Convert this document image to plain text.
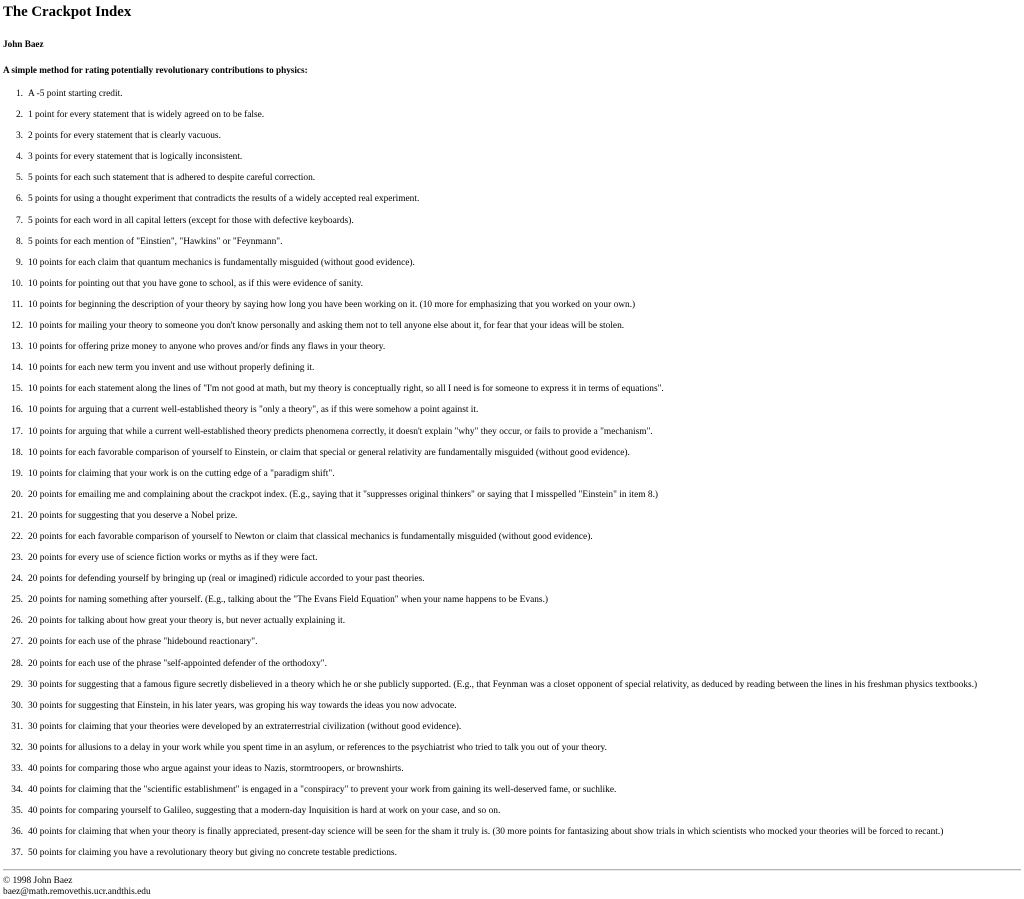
The Crackpot Index
John Baez
A simple method for rating potentially revolutionary contributions to physics:
1. A -5 point starting credit.
2. 1 point for every statement that is widely agreed on to be false.
3. 2 points for every statement that is clearly vacuous.
4. 3 points for every statement that is logically inconsistent.
5. 5 points for each such statement that is adhered to despite careful correction.
6. 5 points for using a thought experiment that contradicts the results of a widely accepted real experiment.
7. 5 points for each word in all capital letters (except for those with defective keyboards).
8. 5 points for each mention of "Einstien", "Hawkins" or "Feynmann".
9. 10 points for each claim that quantum mechanics is fundamentally misguided (without good evidence).
10. 10 points for pointing out that you have gone to school, as if this were evidence of sanity.
11. 10 points for beginning the description of your theory by saying how long you have been working on it. (10 more for emphasizing that you worked on your own.)
12. 10 points for mailing your theory to someone you don't know personally and asking them not to tell anyone else about it, for fear that your ideas will be stolen.
13. 10 points for offering prize money to anyone who proves and/or finds any flaws in your theory.
14. 10 points for each new term you invent and use without properly defining it.
15. 10 points for each statement along the lines of "I'm not good at math, but my theory is conceptually right, so all I need is for someone to express it in terms of equations".
16. 10 points for arguing that a current well-established theory is "only a theory", as if this were somehow a point against it.
17. 10 points for arguing that while a current well-established theory predicts phenomena correctly, it doesn't explain "why" they occur, or fails to provide a "mechanism".
18. 10 points for each favorable comparison of yourself to Einstein, or claim that special or general relativity are fundamentally misguided (without good evidence).
19. 10 points for claiming that your work is on the cutting edge of a "paradigm shift".
20. 20 points for emailing me and complaining about the crackpot index. (E.g., saying that it "suppresses original thinkers" or saying that I misspelled "Einstein" in item 8.)
21. 20 points for suggesting that you deserve a Nobel prize.
22. 20 points for each favorable comparison of yourself to Newton or claim that classical mechanics is fundamentally misguided (without good evidence).
23. 20 points for every use of science fiction works or myths as if they were fact.
24. 20 points for defending yourself by bringing up (real or imagined) ridicule accorded to your past theories.
25. 20 points for naming something after yourself. (E.g., talking about the "The Evans Field Equation" when your name happens to be Evans.)
26. 20 points for talking about how great your theory is, but never actually explaining it.
27. 20 points for each use of the phrase "hidebound reactionary".
28. 20 points for each use of the phrase "self-appointed defender of the orthodoxy".
29. 30 points for suggesting that a famous figure secretly disbelieved in a theory which he or she publicly supported. (E.g., that Feynman was a closet opponent of special relativity, as deduced by reading between the lines in his freshman physics textbooks.)
30. 30 points for suggesting that Einstein, in his later years, was groping his way towards the ideas you now advocate.
31. 30 points for claiming that your theories were developed by an extraterrestrial civilization (without good evidence).
32. 30 points for allusions to a delay in your work while you spent time in an asylum, or references to the psychiatrist who tried to talk you out of your theory.
33. 40 points for comparing those who argue against your ideas to Nazis, stormtroopers, or brownshirts.
34. 40 points for claiming that the "scientific establishment" is engaged in a "conspiracy" to prevent your work from gaining its well-deserved fame, or suchlike.
35. 40 points for comparing yourself to Galileo, suggesting that a modern-day Inquisition is hard at work on your case, and so on.
36. 40 points for claiming that when your theory is finally appreciated, present-day science will be seen for the sham it truly is. (30 more points for fantasizing about show trials in which scientists who mocked your theories will be forced to recant.)
37. 50 points for claiming you have a revolutionary theory but giving no concrete testable predictions.
© 1998 John Baez
baez@math.removethis.ucr.andthis.edu
